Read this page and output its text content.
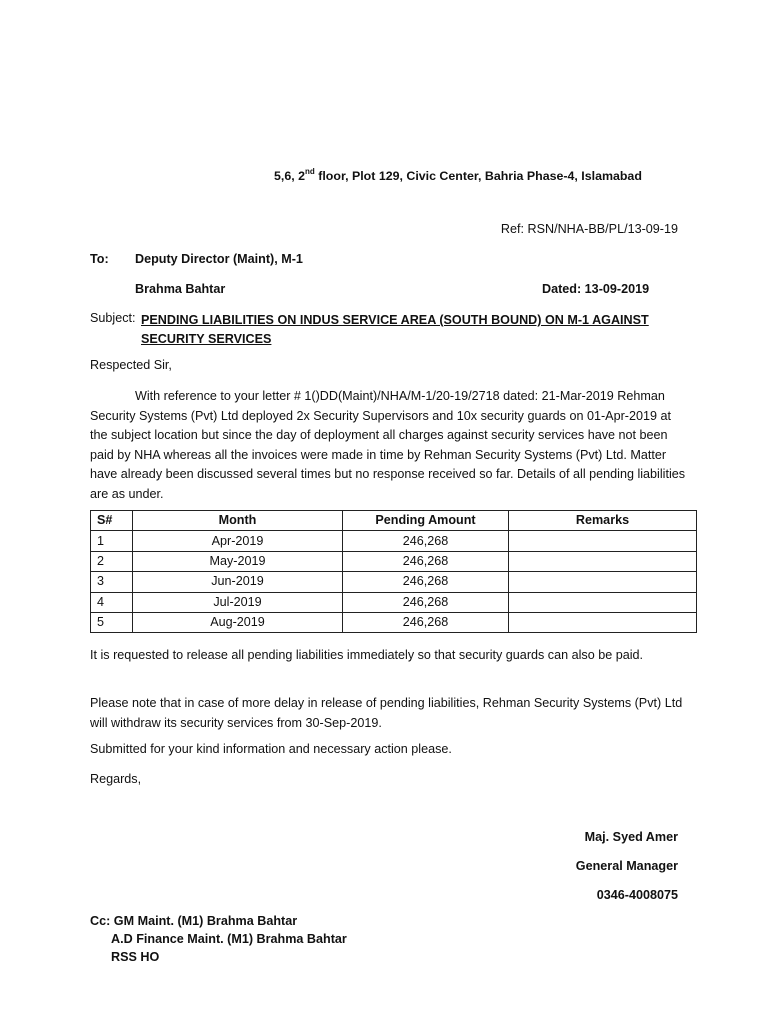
5,6, 2nd floor, Plot 129, Civic Center, Bahria Phase-4, Islamabad
Ref: RSN/NHA-BB/PL/13-09-19
To: Deputy Director (Maint), M-1
Brahma Bahtar	Dated: 13-09-2019
Subject: PENDING LIABILITIES ON INDUS SERVICE AREA (SOUTH BOUND) ON M-1 AGAINST SECURITY SERVICES
Respected Sir,
With reference to your letter # 1()DD(Maint)/NHA/M-1/20-19/2718 dated: 21-Mar-2019 Rehman Security Systems (Pvt) Ltd deployed 2x Security Supervisors and 10x security guards on 01-Apr-2019 at the subject location but since the day of deployment all charges against security services have not been paid by NHA whereas all the invoices were made in time by Rehman Security Systems (Pvt) Ltd. Matter have already been discussed several times but no response received so far. Details of all pending liabilities are as under.
S#	Month	Pending Amount	Remarks
1	Apr-2019	246,268	
2	May-2019	246,268	
3	Jun-2019	246,268	
4	Jul-2019	246,268	
5	Aug-2019	246,268	
It is requested to release all pending liabilities immediately so that security guards can also be paid.
Please note that in case of more delay in release of pending liabilities, Rehman Security Systems (Pvt) Ltd will withdraw its security services from 30-Sep-2019.
Submitted for your kind information and necessary action please.
Regards,
Maj. Syed Amer
General Manager
0346-4008075
Cc: GM Maint. (M1) Brahma Bahtar
A.D Finance Maint. (M1) Brahma Bahtar
RSS HO
